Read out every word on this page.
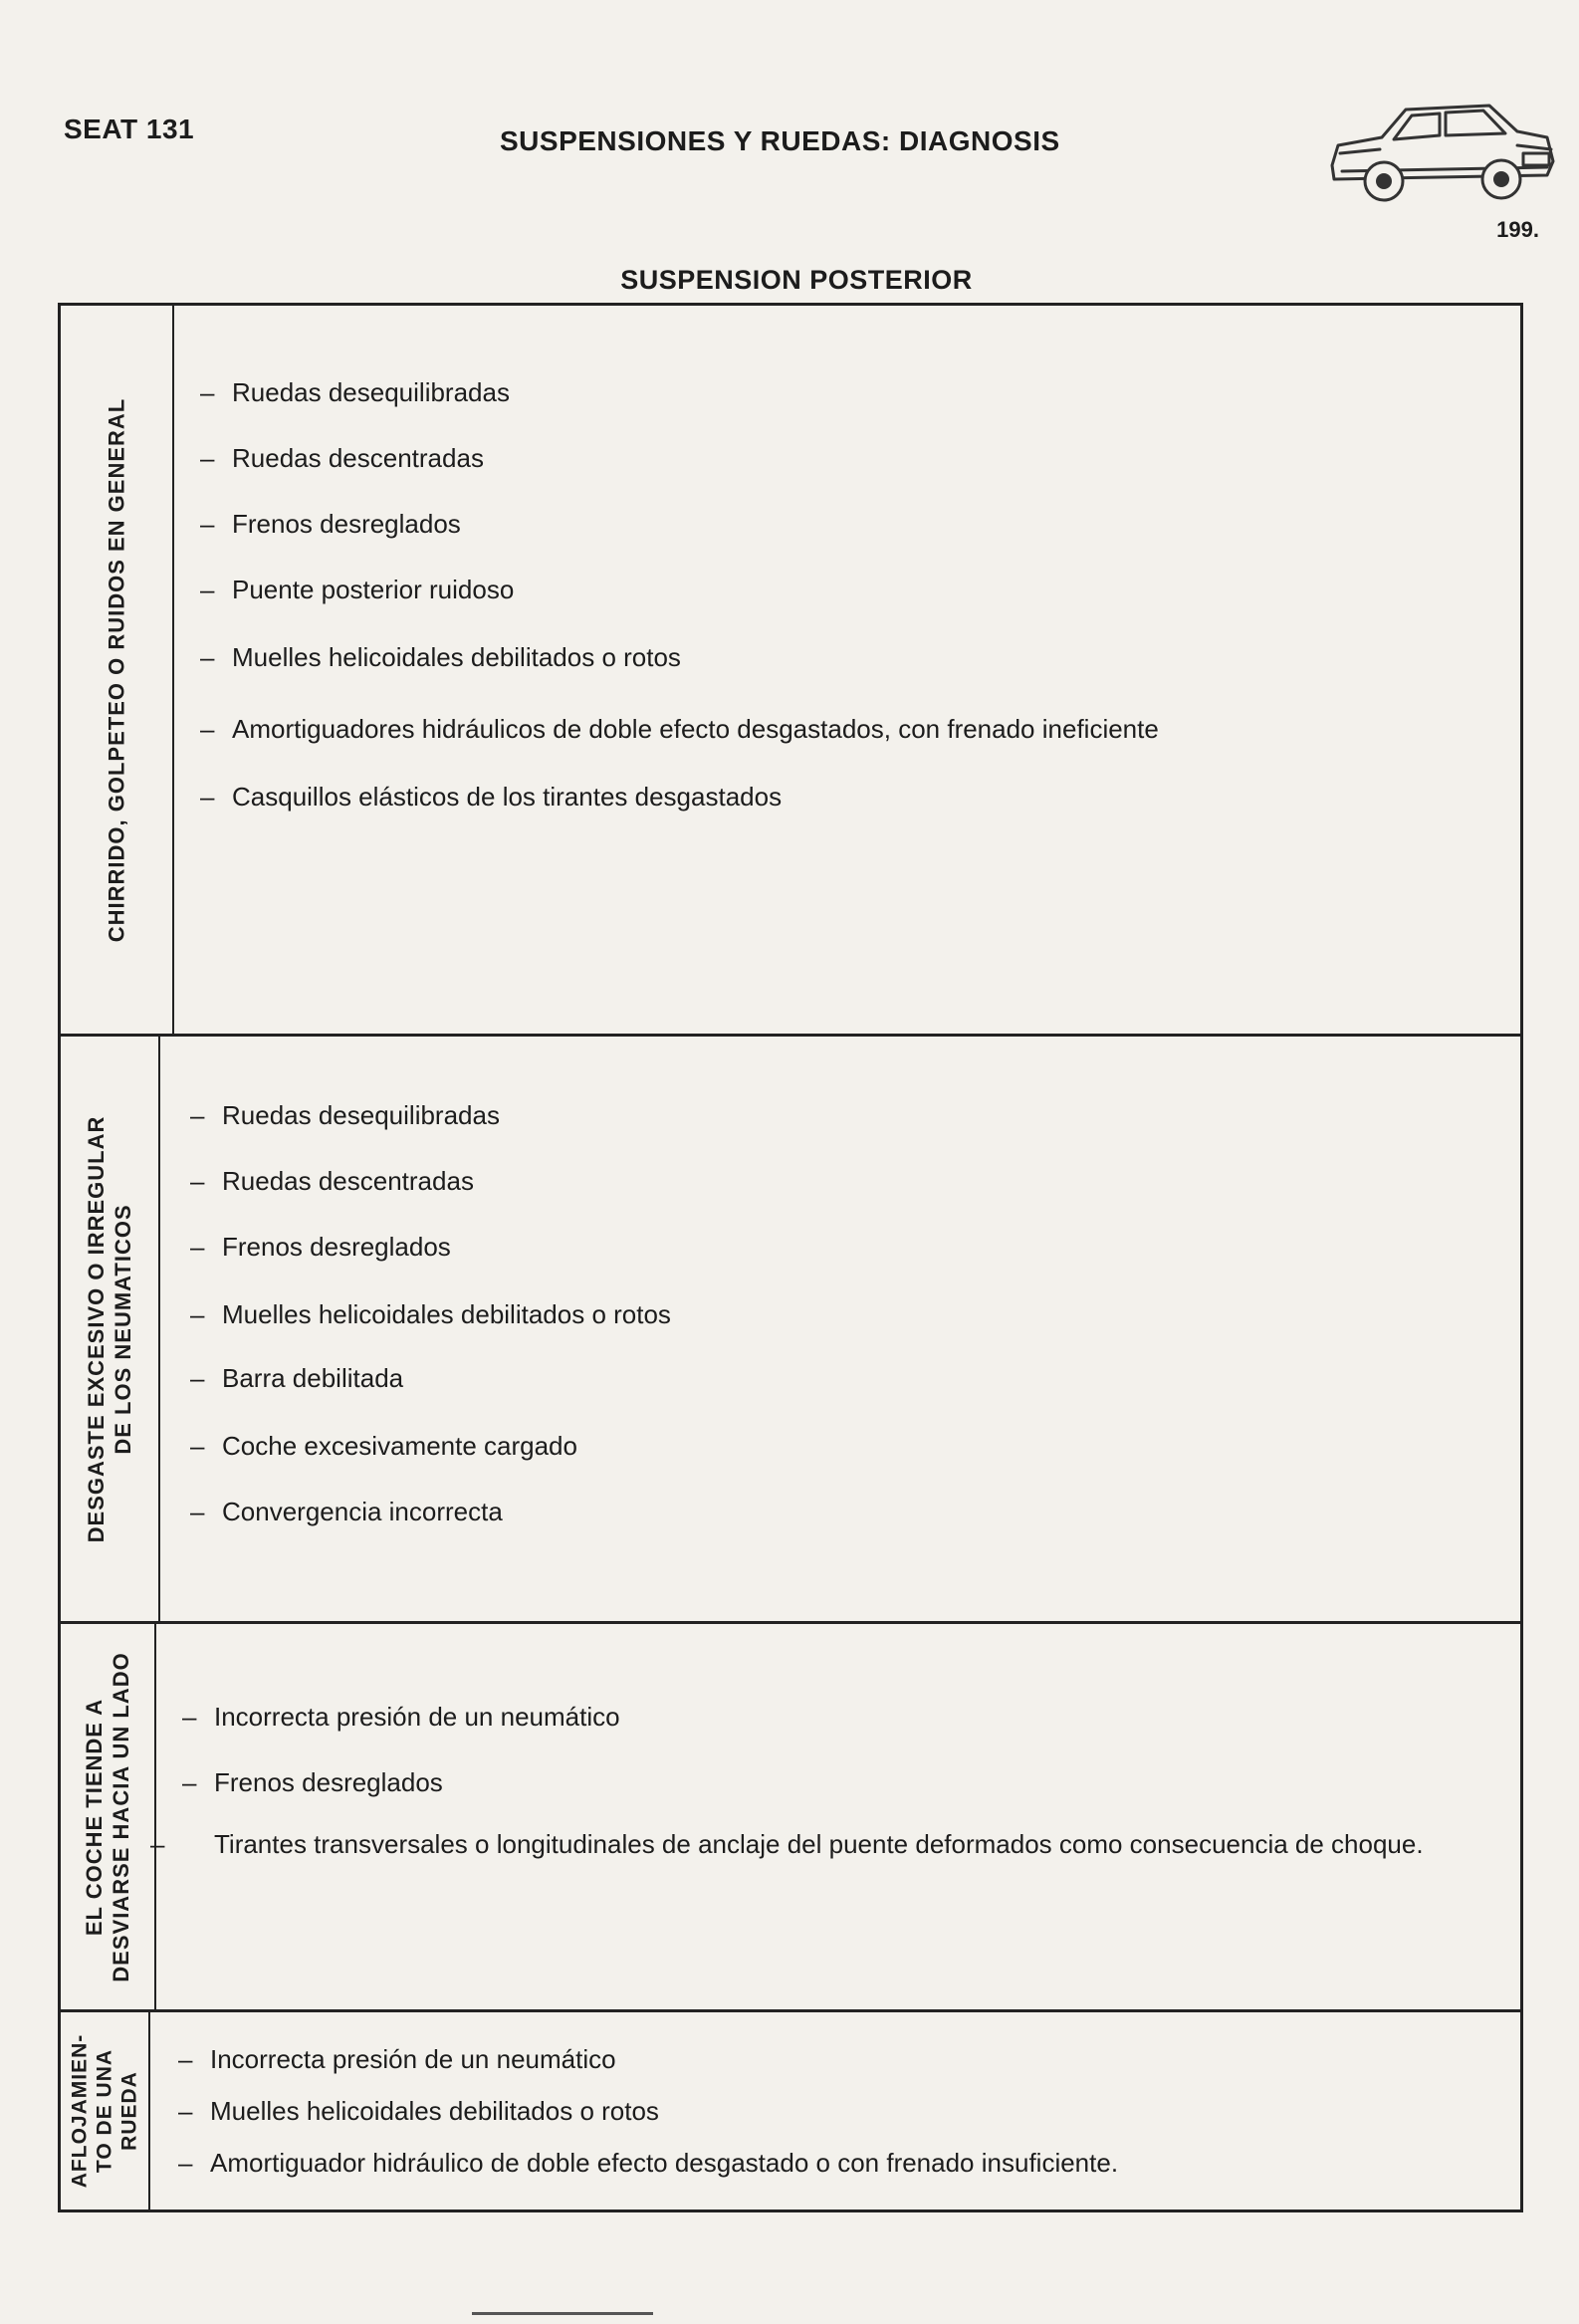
SEAT 131	SUSPENSIONES Y RUEDAS: DIAGNOSIS
199.
SUSPENSION POSTERIOR
CHIRRIDO, GOLPETEO O RUIDOS EN GENERAL
– Ruedas desequilibradas
– Ruedas descentradas
– Frenos desreglados
– Puente posterior ruidoso
– Muelles helicoidales debilitados o rotos
– Amortiguadores hidráulicos de doble efecto desgastados, con frenado ineficiente
– Casquillos elásticos de los tirantes desgastados
DESGASTE EXCESIVO O IRREGULAR DE LOS NEUMATICOS
– Ruedas desequilibradas
– Ruedas descentradas
– Frenos desreglados
– Muelles helicoidales debilitados o rotos
– Barra debilitada
– Coche excesivamente cargado
– Convergencia incorrecta
EL COCHE TIENDE A DESVIARSE HACIA UN LADO – Incorrecta presión de un neumático
– Frenos desreglados
– Tirantes transversales o longitudinales de anclaje del puente deformados como consecuencia de choque.
AFLOJAMIEN- TO DE UNA RUEDA
– Incorrecta presión de un neumático
– Muelles helicoidales debilitados o rotos
– Amortiguador hidráulico de doble efecto desgastado o con frenado insuficiente.
